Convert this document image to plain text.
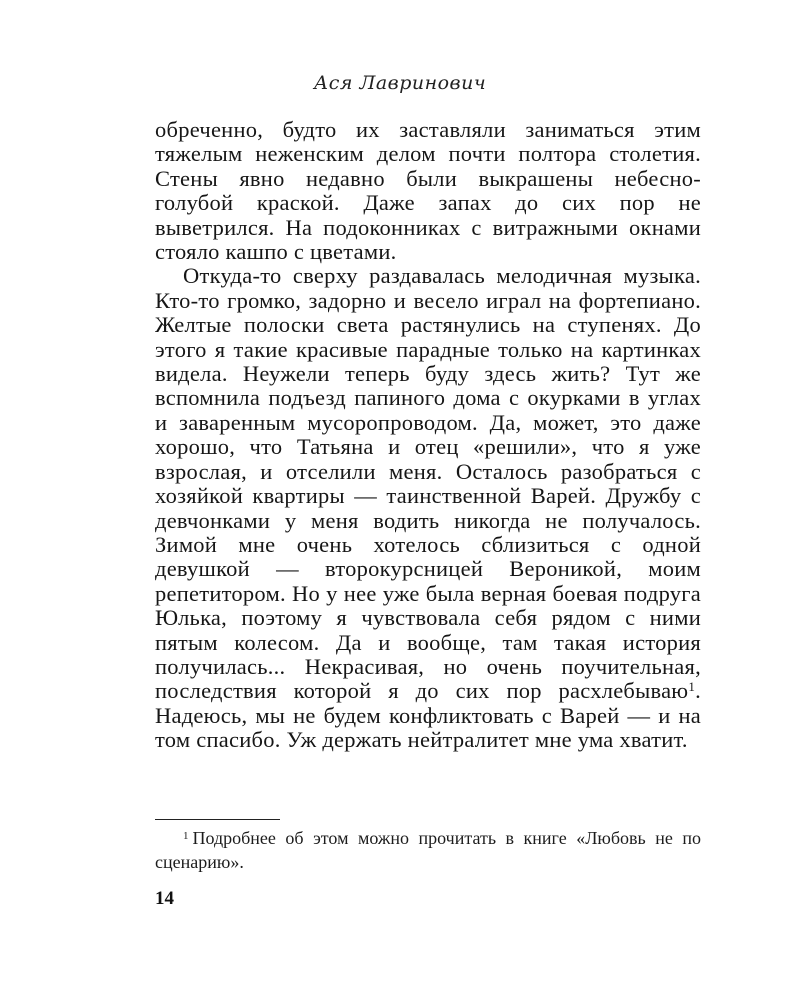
Ася Лавринович

обреченно, будто их заставляли заниматься этим тяжелым неженским делом почти полтора столетия. Стены явно недавно были выкрашены небесно-голубой краской. Даже запах до сих пор не выветрился. На подоконниках с витражными окнами стояло кашпо с цветами.

Откуда-то сверху раздавалась мелодичная музыка. Кто-то громко, задорно и весело играл на фортепиано. Желтые полоски света растянулись на ступенях. До этого я такие красивые парадные только на картинках видела. Неужели теперь буду здесь жить? Тут же вспомнила подъезд папиного дома с окурками в углах и заваренным мусоропроводом. Да, может, это даже хорошо, что Татьяна и отец «решили», что я уже взрослая, и отселили меня. Осталось разобраться с хозяйкой квартиры — таинственной Варей. Дружбу с девчонками у меня водить никогда не получалось. Зимой мне очень хотелось сблизиться с одной девушкой — второкурсницей Вероникой, моим репетитором. Но у нее уже была верная боевая подруга Юлька, поэтому я чувствовала себя рядом с ними пятым колесом. Да и вообще, там такая история получилась... Некрасивая, но очень поучительная, последствия которой я до сих пор расхлебываю$^1$. Надеюсь, мы не будем конфликтовать с Варей — и на том спасибо. Уж держать нейтралитет мне ума хватит.

$^1$ Подробнее об этом можно прочитать в книге «Любовь не по сценарию».
14
